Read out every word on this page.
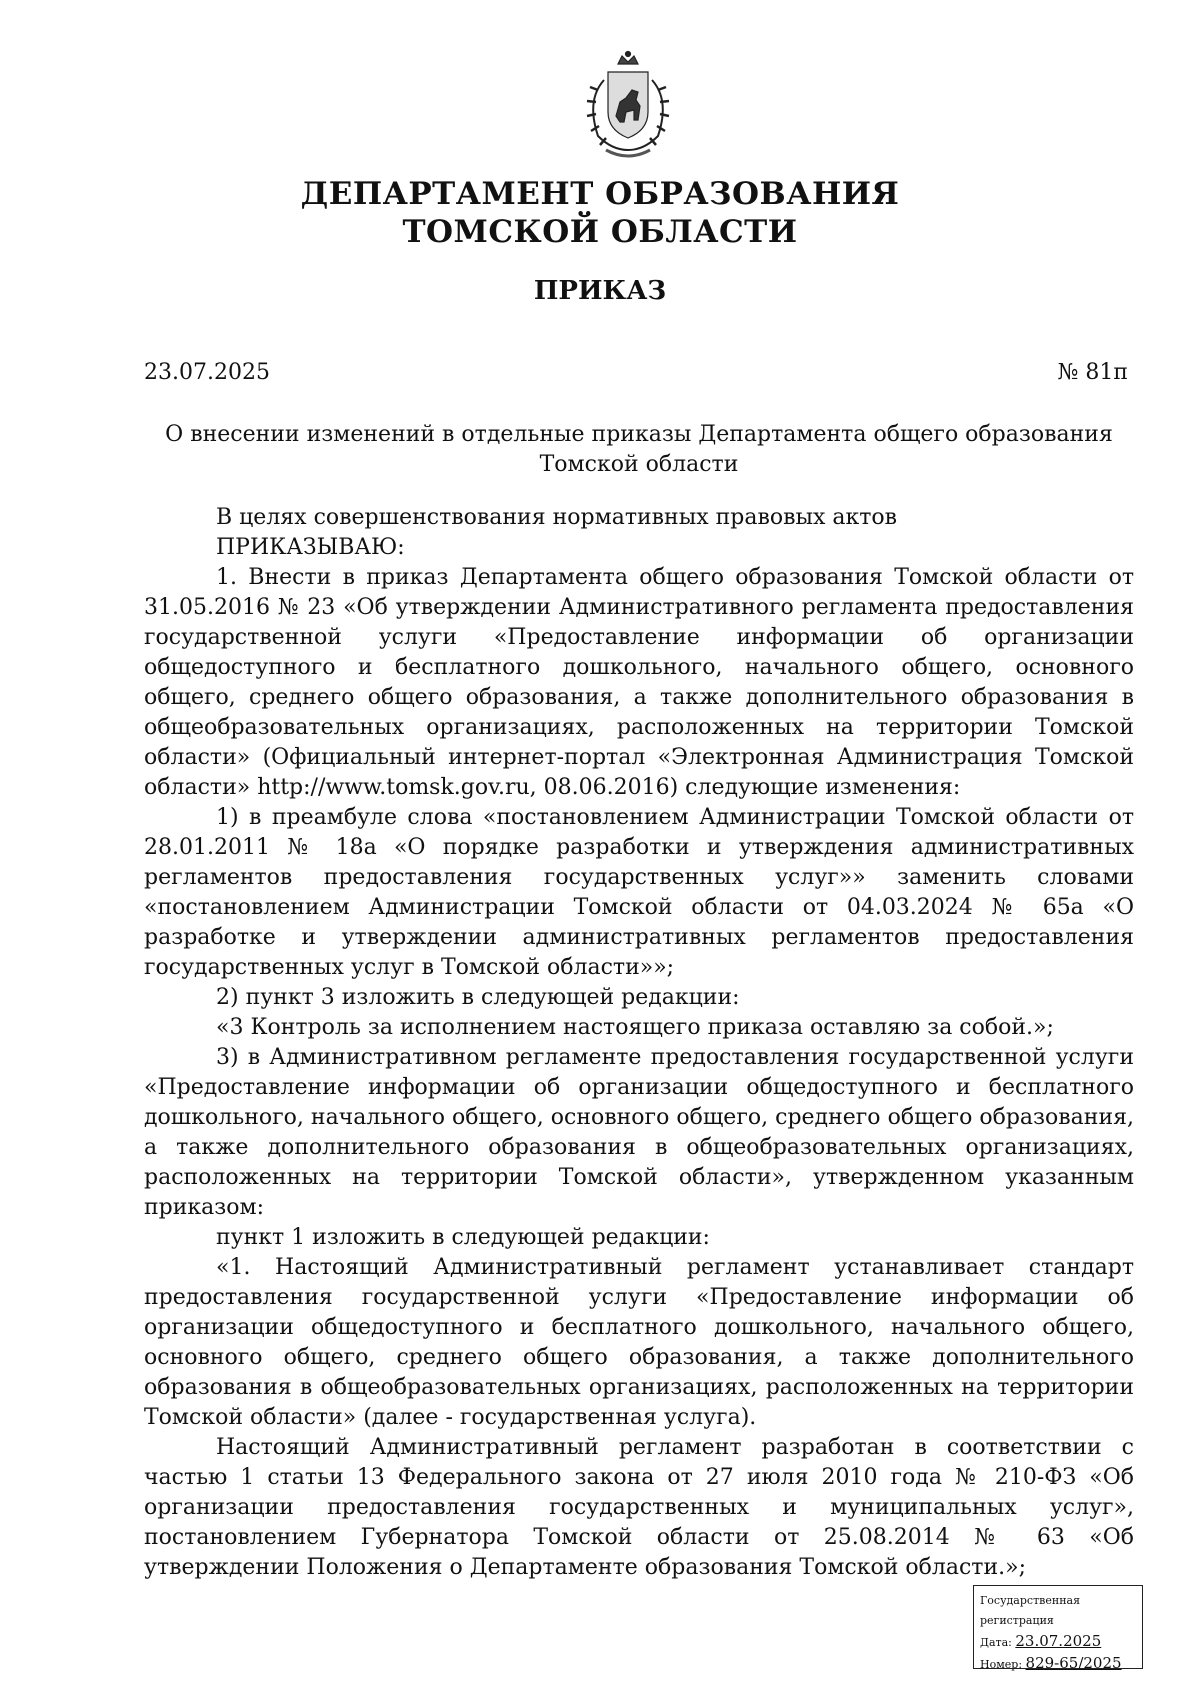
ДЕПАРТАМЕНТ ОБРАЗОВАНИЯ
ТОМСКОЙ ОБЛАСТИ
ПРИКАЗ
23.07.2025	№ 81п
О внесении изменений в отдельные приказы Департамента общего образования Томской области

В целях совершенствования нормативных правовых актов

ПРИКАЗЫВАЮ:

1. Внести в приказ Департамента общего образования Томской области от 31.05.2016 № 23 «Об утверждении Административного регламента предоставления государственной услуги «Предоставление информации об организации общедоступного и бесплатного дошкольного, начального общего, основного общего, среднего общего образования, а также дополнительного образования в общеобразовательных организациях, расположенных на территории Томской области» (Официальный интернет-портал «Электронная Администрация Томской области» http://www.tomsk.gov.ru, 08.06.2016) следующие изменения:

1) в преамбуле слова «постановлением Администрации Томской области от 28.01.2011 № 18а «О порядке разработки и утверждения административных регламентов предоставления государственных услуг»» заменить словами «постановлением Администрации Томской области от 04.03.2024 № 65а «О разработке и утверждении административных регламентов предоставления государственных услуг в Томской области»»;

2) пункт 3 изложить в следующей редакции:

«3 Контроль за исполнением настоящего приказа оставляю за собой.»;

3) в Административном регламенте предоставления государственной услуги «Предоставление информации об организации общедоступного и бесплатного дошкольного, начального общего, основного общего, среднего общего образования, а также дополнительного образования в общеобразовательных организациях, расположенных на территории Томской области», утвержденном указанным приказом:

пункт 1 изложить в следующей редакции:

«1. Настоящий Административный регламент устанавливает стандарт предоставления государственной услуги «Предоставление информации об организации общедоступного и бесплатного дошкольного, начального общего, основного общего, среднего общего образования, а также дополнительного образования в общеобразовательных организациях, расположенных на территории Томской области» (далее - государственная услуга).

Настоящий Административный регламент разработан в соответствии с частью 1 статьи 13 Федерального закона от 27 июля 2010 года № 210-ФЗ «Об организации предоставления государственных и муниципальных услуг», постановлением Губернатора Томской области от 25.08.2014 № 63 «Об утверждении Положения о Департаменте образования Томской области.»;

Государственная регистрация
Дата: 23.07.2025
Номер: 829-65/2025
